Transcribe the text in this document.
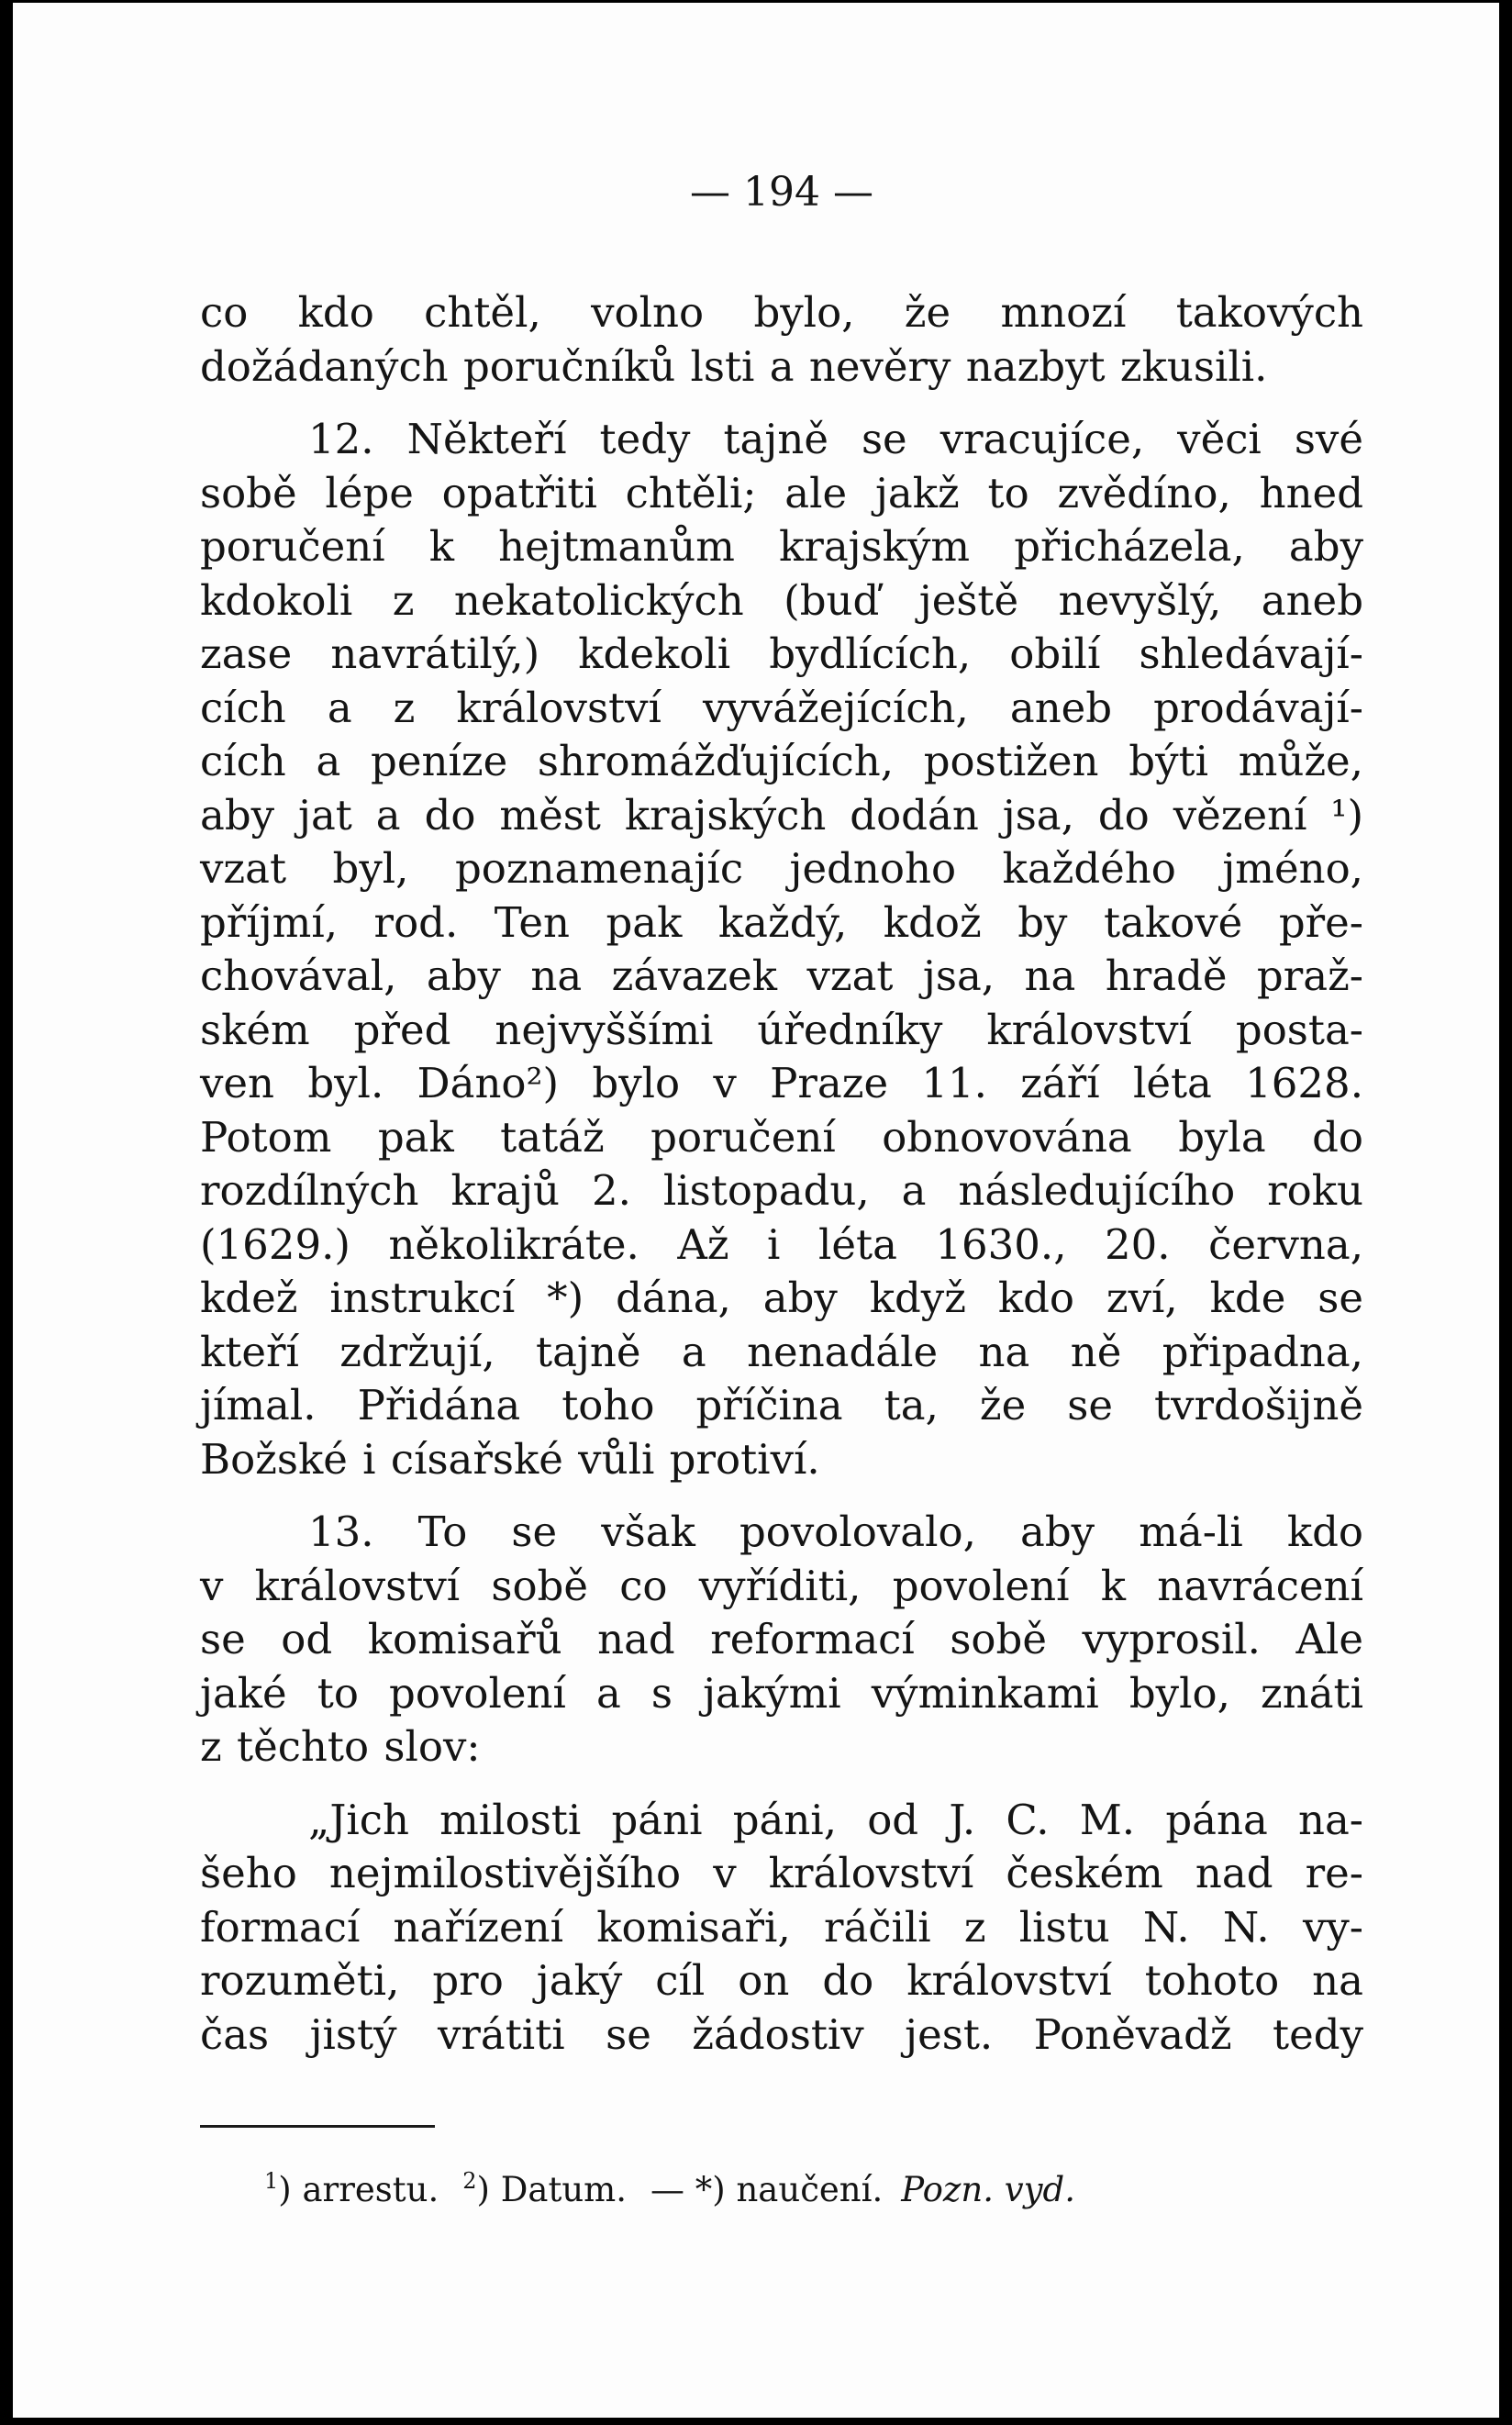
— 194 —

co kdo chtěl, volno bylo, že mnozí takových

dožádaných poručníků lsti a nevěry nazbyt zkusili.

12. Někteří tedy tajně se vracujíce, věci své

sobě lépe opatřiti chtěli; ale jakž to zvědíno, hned

poručení k hejtmanům krajským přicházela, aby

kdokoli z nekatolických (buď ještě nevyšlý, aneb

zase navrátilý,) kdekoli bydlících, obilí shledávají-

cích a z království vyvážejících, aneb prodávají-

cích a peníze shromážďujících, postižen býti může,

aby jat a do měst krajských dodán jsa, do vězení ¹)

vzat byl, poznamenajíc jednoho každého jméno,

příjmí, rod. Ten pak každý, kdož by takové pře-

chovával, aby na závazek vzat jsa, na hradě praž-

ském před nejvyššími úředníky království posta-

ven byl. Dáno²) bylo v Praze 11. září léta 1628.

Potom pak tatáž poručení obnovována byla do

rozdílných krajů 2. listopadu, a následujícího roku

(1629.) několikráte. Až i léta 1630., 20. června,

kdež instrukcí *) dána, aby když kdo zví, kde se

kteří zdržují, tajně a nenadále na ně připadna,

jímal. Přidána toho příčina ta, že se tvrdošijně

Božské i císařské vůli protiví.

13. To se však povolovalo, aby má-li kdo

v království sobě co vyříditi, povolení k navrácení

se od komisařů nad reformací sobě vyprosil. Ale

jaké to povolení a s jakými výminkami bylo, znáti

z těchto slov:

„Jich milosti páni páni, od J. C. M. pána na-

šeho nejmilostivějšího v království českém nad re-

formací nařízení komisaři, ráčili z listu N. N. vy-

rozuměti, pro jaký cíl on do království tohoto na

čas jistý vrátiti se žádostiv jest. Poněvadž tedy

$^1$) arrestu. $^2$) Datum. — *) naučení. Pozn. vyd.
